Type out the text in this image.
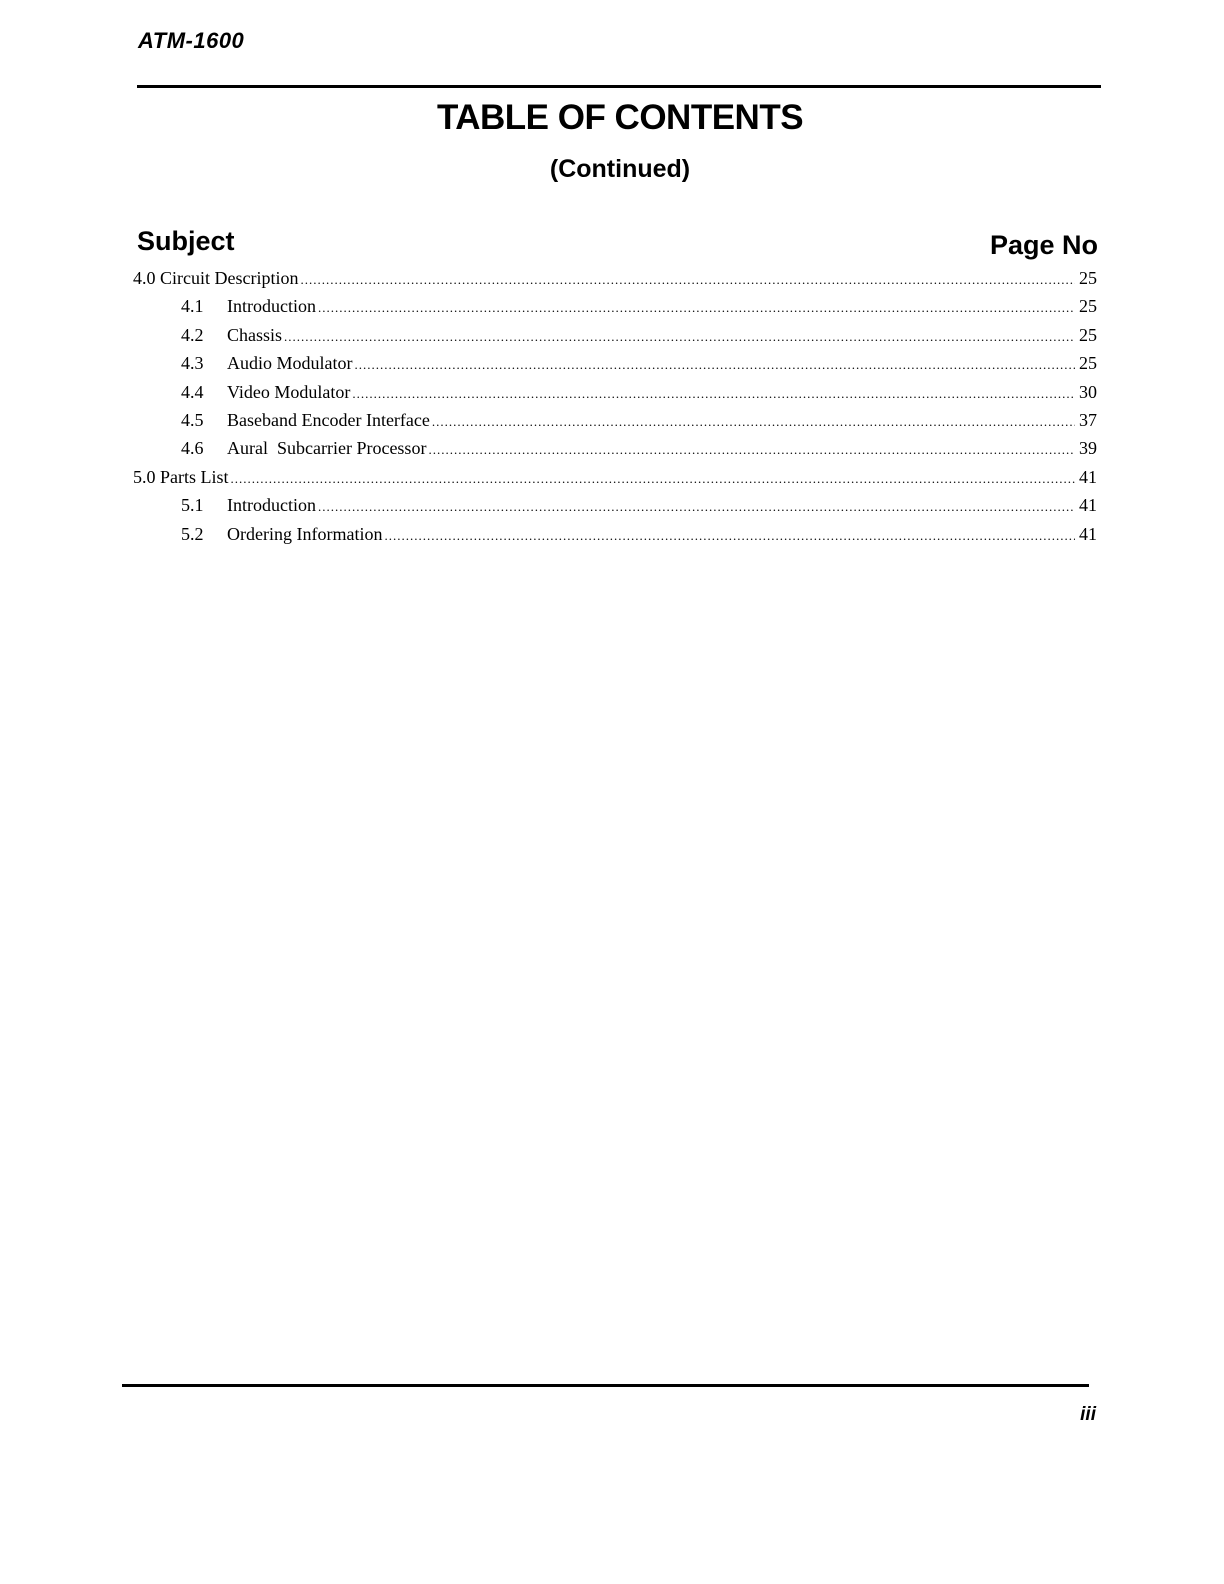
ATM-1600
TABLE OF CONTENTS
(Continued)
Subject	Page No
4.0 Circuit Description .....	25
4.1	Introduction .....	25
4.2	Chassis .....	25
4.3	Audio Modulator .....	25
4.4	Video Modulator .....	30
4.5	Baseband Encoder Interface .....	37
4.6	Aural  Subcarrier Processor .....	39
5.0 Parts List .....	41
5.1	Introduction .....	41
5.2	Ordering Information .....	41
iii
